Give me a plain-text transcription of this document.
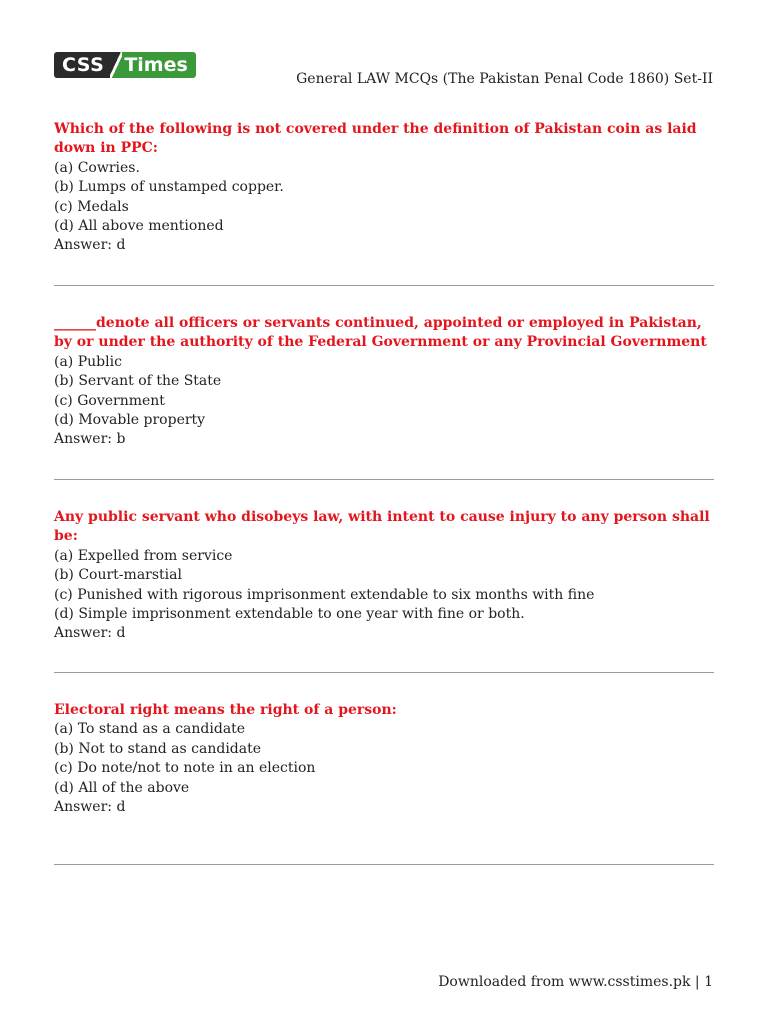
CSS	Times
General LAW MCQs (The Pakistan Penal Code 1860) Set-II

Which of the following is not covered under the definition of Pakistan coin as laid down in PPC:

(a) Cowries.

(b) Lumps of unstamped copper.

(c) Medals

(d) All above mentioned

Answer: d

______denote all officers or servants continued, appointed or employed in Pakistan, by or under the authority of the Federal Government or any Provincial Government

(a) Public

(b) Servant of the State

(c) Government

(d) Movable property

Answer: b

Any public servant who disobeys law, with intent to cause injury to any person shall be:

(a) Expelled from service

(b) Court-marstial

(c) Punished with rigorous imprisonment extendable to six months with fine

(d) Simple imprisonment extendable to one year with fine or both.

Answer: d

Electoral right means the right of a person:

(a) To stand as a candidate

(b) Not to stand as candidate

(c) Do note/not to note in an election

(d) All of the above

Answer: d

Downloaded from www.csstimes.pk | 1
